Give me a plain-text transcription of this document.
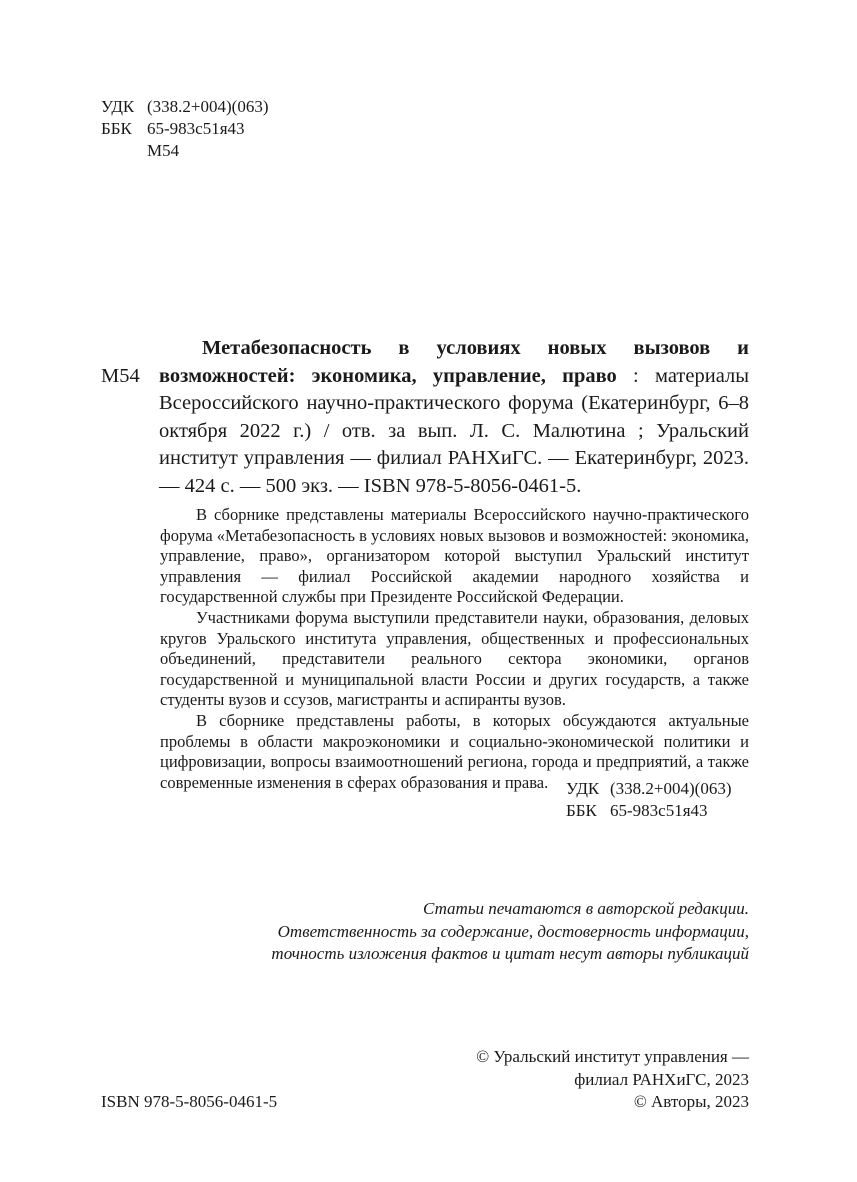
УДК (338.2+004)(063)
ББК 65-983с51я43
М54
М54
Метабезопасность в условиях новых вызовов и возможностей: экономика, управление, право : материалы Всероссийского научно-практического форума (Екатеринбург, 6–8 октября 2022 г.) / отв. за вып. Л. С. Малютина ; Уральский институт управления — филиал РАНХиГС. — Екатеринбург, 2023. — 424 с. — 500 экз. — ISBN 978-5-8056-0461-5.

В сборнике представлены материалы Всероссийского научно-практического форума «Метабезопасность в условиях новых вызовов и возможностей: экономика, управление, право», организатором которой выступил Уральский институт управления — филиал Российской академии народного хозяйства и государственной службы при Президенте Российской Федерации.

Участниками форума выступили представители науки, образования, деловых кругов Уральского института управления, общественных и профессиональных объединений, представители реального сектора экономики, органов государственной и муниципальной власти России и других государств, а также студенты вузов и ссузов, магистранты и аспиранты вузов.

В сборнике представлены работы, в которых обсуждаются актуальные проблемы в области макроэкономики и социально-экономической политики и цифровизации, вопросы взаимоотношений региона, города и предприятий, а также современные изменения в сферах образования и права.	УДК (338.2+004)(063)
ББК 65-983с51я43
Статьи печатаются в авторской редакции.
Ответственность за содержание, достоверность информации,
точность изложения фактов и цитат несут авторы публикаций
© Уральский институт управления —
филиал РАНХиГС, 2023
© Авторы, 2023
ISBN 978-5-8056-0461-5
